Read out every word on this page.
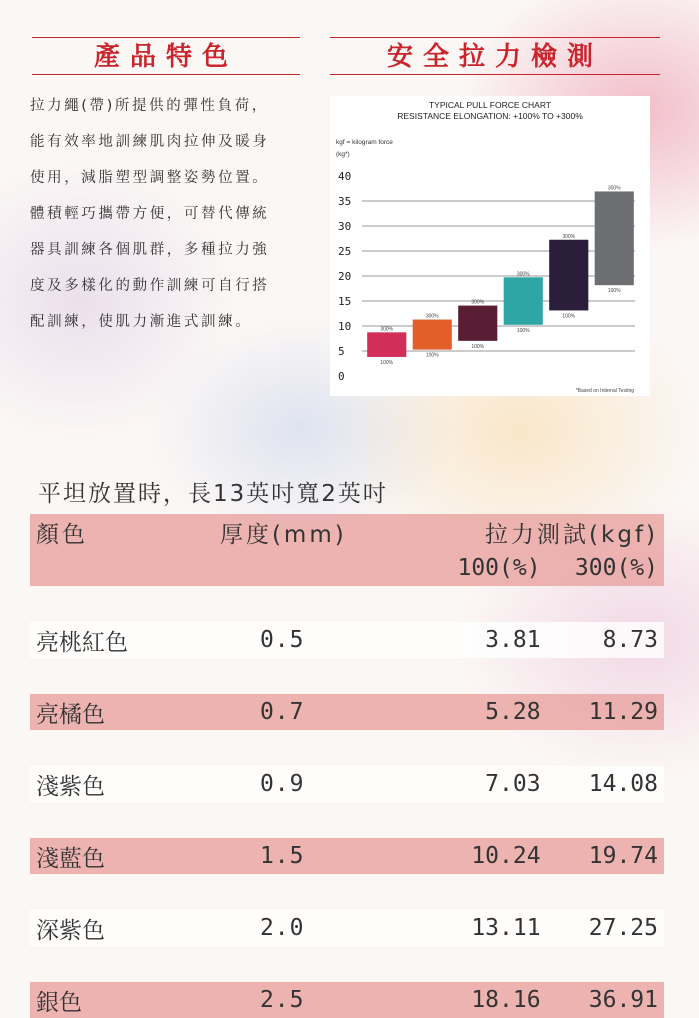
產品特色	安全拉力檢測
拉力繩(帶)所提供的彈性負荷，
能有效率地訓練肌肉拉伸及暖身
使用，減脂塑型調整姿勢位置。
體積輕巧攜帶方便，可替代傳統
器具訓練各個肌群，多種拉力強
度及多樣化的動作訓練可自行搭
配訓練，使肌力漸進式訓練。
TYPICAL PULL FORCE CHART
RESISTANCE ELONGATION: +100% TO +300%
kgf = kilogram force
(kg*)
0
5
10
15
20
25
30
35
40
300%
100%
300%
100%
300%
100%
300%
100%
300%
100%
300%
100%
*Based on Internal Testing
平坦放置時，長13英吋寬2英吋
顏色	厚度(mm)	拉力測試(kgf)	
		100(%)	300(%)

亮桃紅色	0.5	3.81	8.73

亮橘色	0.7	5.28	11.29

淺紫色	0.9	7.03	14.08

淺藍色	1.5	10.24	19.74

深紫色	2.0	13.11	27.25

銀色	2.5	18.16	36.91
